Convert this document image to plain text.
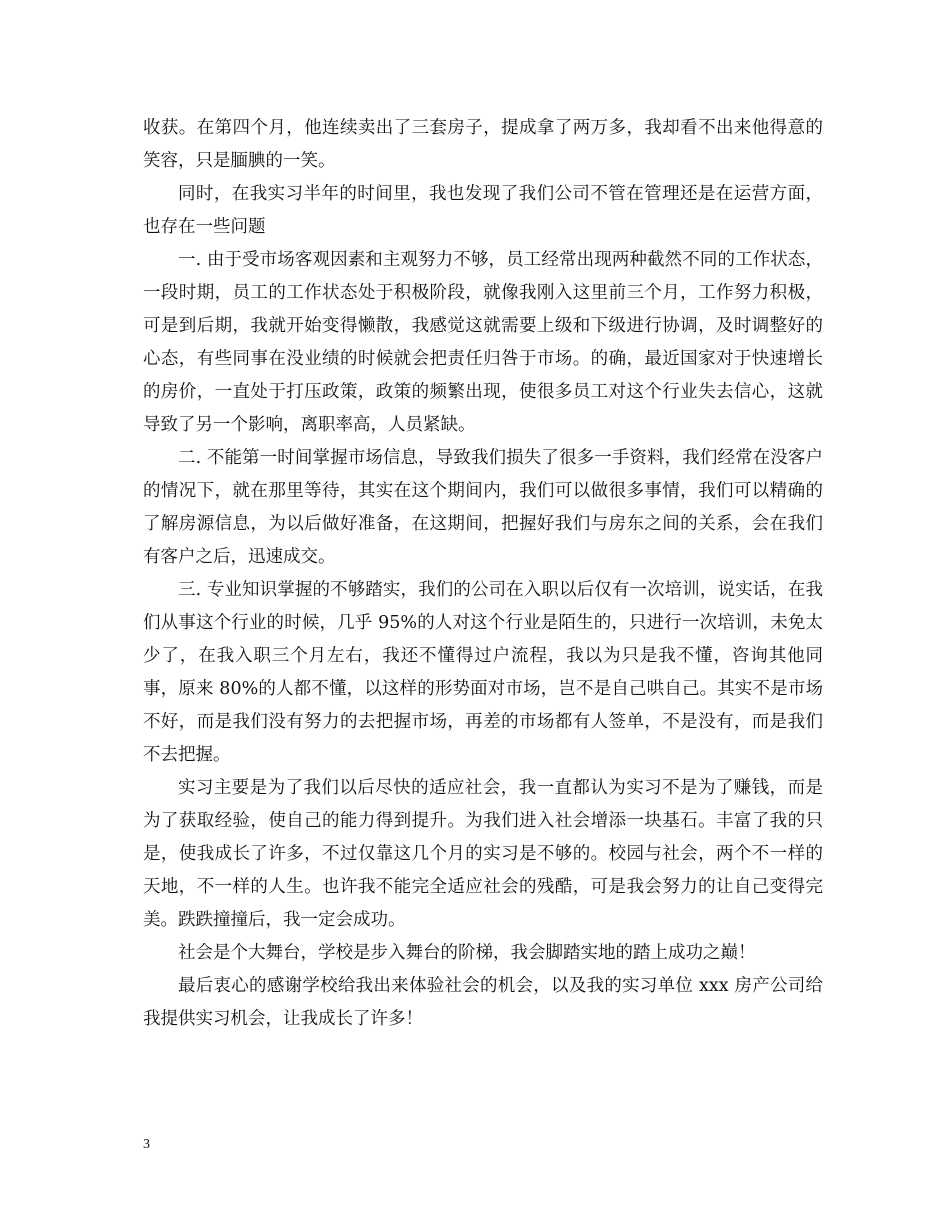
收获。在第四个月，他连续卖出了三套房子，提成拿了两万多，我却看不出来他得意的笑容，只是腼腆的一笑。

同时，在我实习半年的时间里，我也发现了我们公司不管在管理还是在运营方面，也存在一些问题

一. 由于受市场客观因素和主观努力不够，员工经常出现两种截然不同的工作状态，一段时期，员工的工作状态处于积极阶段，就像我刚入这里前三个月，工作努力积极，可是到后期，我就开始变得懒散，我感觉这就需要上级和下级进行协调，及时调整好的心态，有些同事在没业绩的时候就会把责任归咎于市场。的确，最近国家对于快速增长的房价，一直处于打压政策，政策的频繁出现，使很多员工对这个行业失去信心，这就导致了另一个影响，离职率高，人员紧缺。

二. 不能第一时间掌握市场信息，导致我们损失了很多一手资料，我们经常在没客户的情况下，就在那里等待，其实在这个期间内，我们可以做很多事情，我们可以精确的了解房源信息，为以后做好准备，在这期间，把握好我们与房东之间的关系，会在我们有客户之后，迅速成交。

三. 专业知识掌握的不够踏实，我们的公司在入职以后仅有一次培训，说实话，在我们从事这个行业的时候，几乎 95%的人对这个行业是陌生的，只进行一次培训，未免太少了，在我入职三个月左右，我还不懂得过户流程，我以为只是我不懂，咨询其他同事，原来 80%的人都不懂，以这样的形势面对市场，岂不是自己哄自己。其实不是市场不好，而是我们没有努力的去把握市场，再差的市场都有人签单，不是没有，而是我们不去把握。

实习主要是为了我们以后尽快的适应社会，我一直都认为实习不是为了赚钱，而是为了获取经验，使自己的能力得到提升。为我们进入社会增添一块基石。丰富了我的只是，使我成长了许多，不过仅靠这几个月的实习是不够的。校园与社会，两个不一样的天地，不一样的人生。也许我不能完全适应社会的残酷，可是我会努力的让自己变得完美。跌跌撞撞后，我一定会成功。

社会是个大舞台，学校是步入舞台的阶梯，我会脚踏实地的踏上成功之巅！

最后衷心的感谢学校给我出来体验社会的机会，以及我的实习单位 xxx 房产公司给我提供实习机会，让我成长了许多！

3
